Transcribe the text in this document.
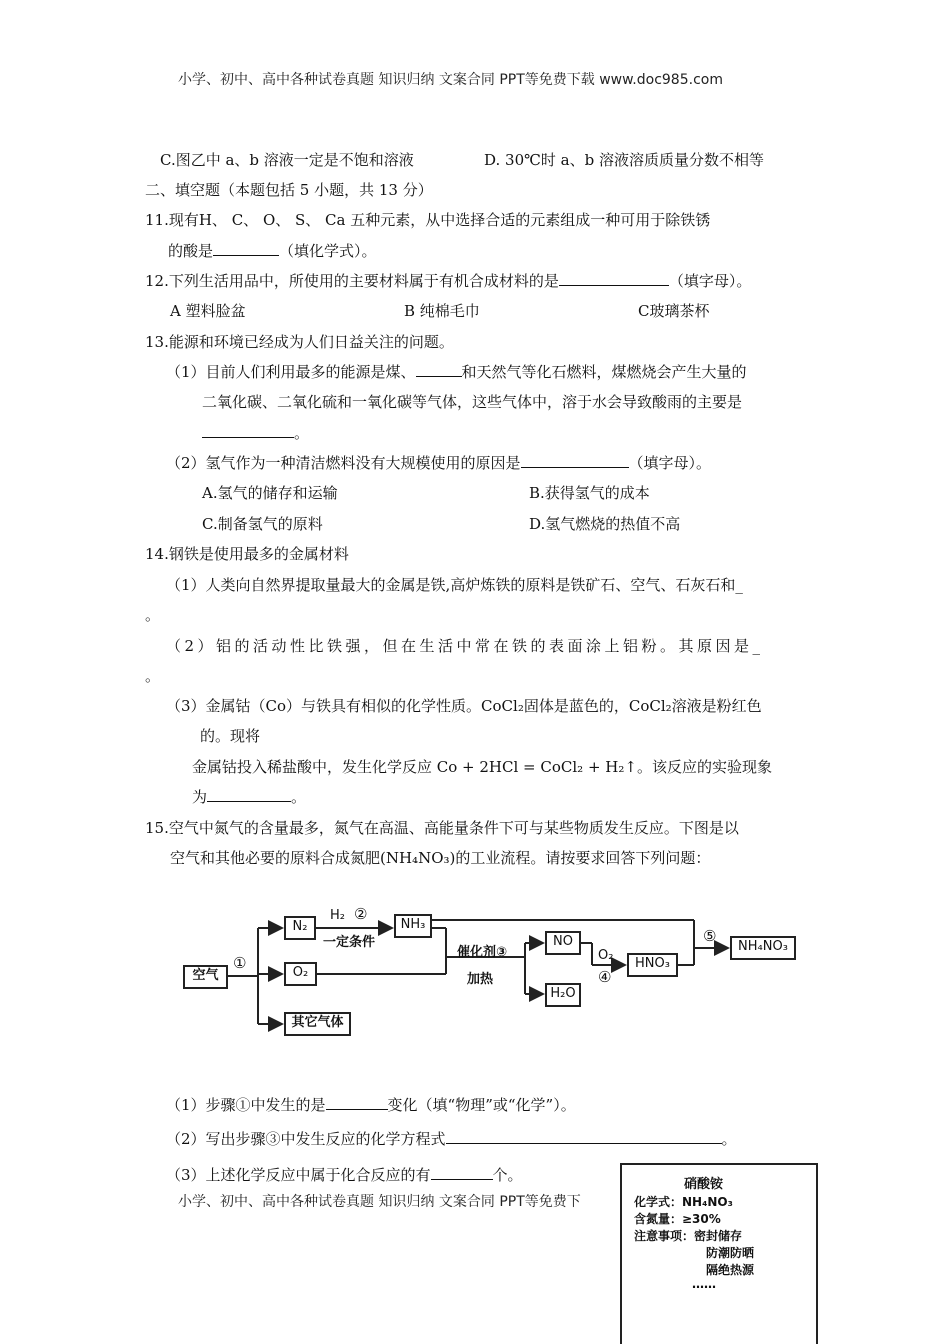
小学、初中、高中各种试卷真题 知识归纳 文案合同 PPT等免费下载 www.doc985.com
C.图乙中 a、b 溶液一定是不饱和溶液	D. 30℃时 a、b 溶液溶质质量分数不相等
二、填空题（本题包括 5 小题，共 13 分）
11.现有H、 C、 O、 S、 Ca 五种元素，从中选择合适的元素组成一种可用于除铁锈
的酸是	（填化学式）。
12.下列生活用品中，所使用的主要材料属于有机合成材料的是	（填字母）。
A 塑料脸盆	B 纯棉毛巾	C玻璃茶杯
13.能源和环境已经成为人们日益关注的问题。
（1）目前人们利用最多的能源是煤、	和天然气等化石燃料，煤燃烧会产生大量的
二氧化碳、二氧化硫和一氧化碳等气体，这些气体中，溶于水会导致酸雨的主要是
。
（2）氢气作为一种清洁燃料没有大规模使用的原因是	（填字母）。
A.氢气的储存和运输	B.获得氢气的成本
C.制备氢气的原料	D.氢气燃烧的热值不高
14.钢铁是使用最多的金属材料
（1）人类向自然界提取量最大的金属是铁,高炉炼铁的原料是铁矿石、空气、石灰石和_
。
（2）铝的活动性比铁强，但在生活中常在铁的表面涂上铝粉。其原因是_
。
（3）金属钴（Co）与铁具有相似的化学性质。CoCl₂固体是蓝色的，CoCl₂溶液是粉红色
的。现将
金属钴投入稀盐酸中，发生化学反应 Co + 2HCl = CoCl₂ + H₂↑。该反应的实验现象
为	。
15.空气中氮气的含量最多，氮气在高温、高能量条件下可与某些物质发生反应。下图是以
空气和其他必要的原料合成氮肥(NH₄NO₃)的工业流程。请按要求回答下列问题：
空气
N₂
O₂
其它气体
NH₃
NO
H₂O
HNO₃
NH₄NO₃
①
H₂ ②
一定条件
催化剂③
加热
O₂
④
⑤
（1）步骤①中发生的是	变化（填“物理”或“化学”）。
（2）写出步骤③中发生反应的化学方程式	。
（3）上述化学反应中属于化合反应的有	个。
小学、初中、高中各种试卷真题 知识归纳 文案合同 PPT等免费下
硝酸铵
化学式：NH₄NO₃
含氮量：≥30%
注意事项：密封储存
防潮防晒
隔绝热源
……
